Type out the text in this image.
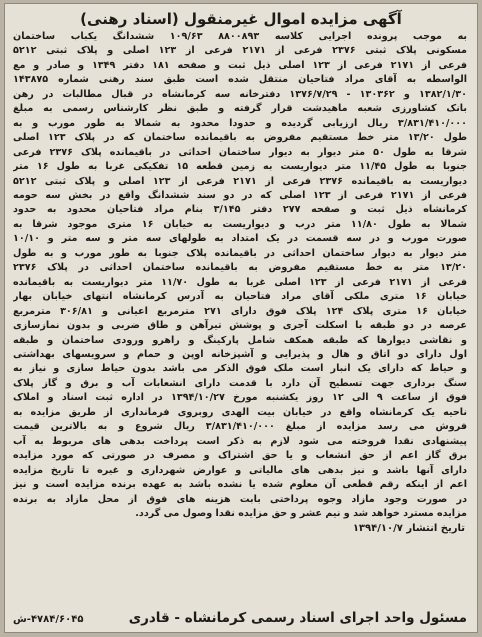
آگهی مزایده اموال غیرمنقول (اسناد رهنی)
به موجب پرونده اجرایی کلاسه ۸۸۰۰۸۹۳ ۱۰۹/۶۳ ششدانگ یکباب ساختمان
مسکونی پلاک ثبتی ۲۳۷۶ فرعی از ۲۱۷۱ فرعی از ۱۲۳ اصلی و پلاک ثبتی ۵۲۱۲
فرعی از ۲۱۷۱ فرعی از ۱۲۳ اصلی ذیل ثبت و صفحه ۱۸۱ دفتر ۱۳۴۹ و صادر و مع
الواسطه به آقای مراد فتاحیان منتقل شده است طبق سند رهنی شماره ۱۴۳۸۷۵
۱۳۸۲/۱/۳۰ و ۱۳۰۳۶۲ - ۱۳۷۶/۷/۲۹ دفترخانه سه کرمانشاه در قبال مطالبات در رهن
بانک کشاورزی شعبه ماهیدشت قرار گرفته و طبق نظر کارشناس رسمی به مبلغ
۳/۸۳۱/۴۱۰/۰۰۰ ریال ارزیابی گردیده و حدودا محدود به شمالا به طور مورب و به
طول ۱۳/۲۰ متر خط مستقیم مفروض به باقیمانده ساختمان که در پلاک ۱۲۳ اصلی
شرقا به طول ۵۰ متر دیوار به دیوار ساختمان احداثی در باقیمانده پلاک ۲۳۷۶ فرعی
جنوبا به طول ۱۱/۴۵ متر دیواریست به زمین قطعه ۱۵ تفکیکی غربا به طول ۱۶ متر
دیواریست به باقیمانده ۲۳۷۶ فرعی از ۲۱۷۱ فرعی از ۱۲۳ اصلی و پلاک ثبتی ۵۲۱۲
فرعی از ۲۱۷۱ فرعی از ۱۲۳ اصلی که در دو سند ششدانگ واقع در بخش سه حومه
کرمانشاه ذیل ثبت و صفحه ۲۷۷ دفتر ۳/۱۴۵ بنام مراد فتاحیان محدود به حدود
شمالا به طول ۱۱/۸۰ متر درب و دیواریست به خیابان ۱۶ متری موجود شرقا به
صورت مورب و در سه قسمت در یک امتداد به طولهای سه متر و سه متر و ۱۰/۱۰
متر دیوار به دیوار ساختمان احداثی در باقیمانده پلاک جنوبا به طور مورب و به طول
۱۳/۲۰ متر به خط مستقیم مفروض به باقیمانده ساختمان احداثی در پلاک ۲۳۷۶
فرعی از ۲۱۷۱ فرعی از ۱۲۳ اصلی غربا به طول ۱۱/۷۰ متر دیواریست به باقیمانده
خیابان ۱۶ متری ملکی آقای مراد فتاحیان به آدرس کرمانشاه انتهای خیابان بهار
خیابان ۱۶ متری پلاک ۱۲۴ پلاک فوق دارای ۲۷۱ مترمربع اعیانی و ۳۰۶/۸۱ مترمربع
عرصه در دو طبقه با اسکلت آجری و پوشش تیرآهن و طاق ضربی و بدون نمازسازی
و نقاشی دیوارها که طبقه همکف شامل پارکینگ و راهرو ورودی ساختمان و طبقه
اول دارای دو اتاق و هال و پذیرایی و آشپزخانه اوپن و حمام و سرویسهای بهداشتی
و حیاط که دارای یک انبار است ملک فوق الذکر می باشد بدون حیاط سازی و نیاز به
سنگ برداری جهت تسطیح آن دارد با قدمت دارای انشعابات آب و برق و گاز پلاک
فوق از ساعت ۹ الی ۱۲ روز یکشنبه مورخ ۱۳۹۴/۱۰/۲۷ در اداره ثبت اسناد و املاک
ناحیه یک کرمانشاه واقع در خیابان بیت الهدی روبروی فرمانداری از طریق مزایده به
فروش می رسد مزایده از مبلغ ۳/۸۳۱/۴۱۰/۰۰۰ ریال شروع و به بالاترین قیمت
پیشنهادی نقدا فروخته می شود لازم به ذکر است پرداخت بدهی های مربوط به آب
برق گاز اعم از حق انشعاب و یا حق اشتراک و مصرف در صورتی که مورد مزایده
دارای آنها باشد و نیز بدهی های مالیاتی و عوارض شهرداری و غیره تا تاریخ مزایده
اعم از اینکه رقم قطعی آن معلوم شده یا نشده باشد به عهده برنده مزایده است و نیز
در صورت وجود مازاد وجوه پرداختی بابت هزینه های فوق از محل مازاد به برنده
مزایده مسترد خواهد شد و نیم عشر و حق مزایده نقدا وصول می گردد.
تاریخ انتشار ۱۳۹۴/۱۰/۷
مسئول واحد اجرای اسناد رسمی کرمانشاه - قادری
۴۷۸۴/۶۰۴۵-ش
